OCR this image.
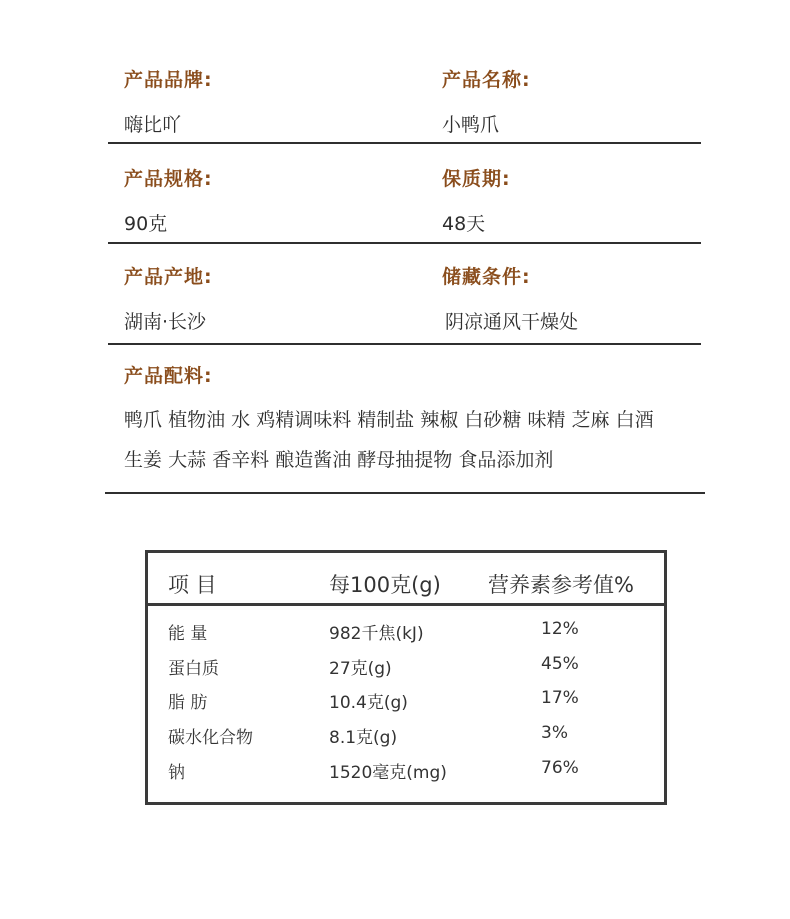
产品品牌:
嗨比吖
产品名称:
小鸭爪
产品规格:
90克
保质期:
48天
产品产地:
湖南·长沙
储藏条件:
阴凉通风干燥处
产品配料:
鸭爪 植物油 水 鸡精调味料 精制盐 辣椒 白砂糖 味精 芝麻 白酒
生姜 大蒜 香辛料 酿造酱油 酵母抽提物 食品添加剂
项 目	每100克(g) 营养素参考值%
能 量	982千焦(kJ)	12%
蛋白质	27克(g)	45%
脂 肪	10.4克(g)	17%
碳水化合物	8.1克(g)	3%
钠	1520毫克(mg)	76%
